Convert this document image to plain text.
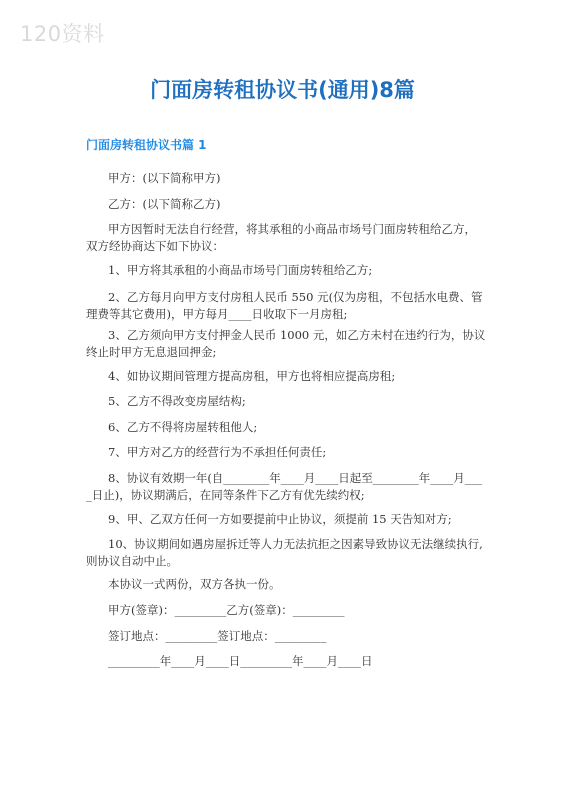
120资料
门面房转租协议书(通用)8篇
门面房转租协议书篇 1
甲方：(以下简称甲方)
乙方：(以下简称乙方)
甲方因暂时无法自行经营，将其承租的小商品市场号门面房转租给乙方，
双方经协商达下如下协议：
1、甲方将其承租的小商品市场号门面房转租给乙方;
2、乙方每月向甲方支付房租人民币 550 元(仅为房租，不包括水电费、管
理费等其它费用)，甲方每月____日收取下一月房租;
3、乙方须向甲方支付押金人民币 1000 元，如乙方未村在违约行为，协议
终止时甲方无息退回押金;
4、如协议期间管理方提高房租，甲方也将相应提高房租;
5、乙方不得改变房屋结构;
6、乙方不得将房屋转租他人;
7、甲方对乙方的经营行为不承担任何责任;
8、协议有效期一年(自________年____月____日起至________年____月___
_日止)，协议期满后，在同等条件下乙方有优先续约权;
9、甲、乙双方任何一方如要提前中止协议，须提前 15 天告知对方;
10、协议期间如遇房屋拆迁等人力无法抗拒之因素导致协议无法继续执行,
则协议自动中止。
本协议一式两份，双方各执一份。
甲方(签章)：_________乙方(签章)：_________
签订地点：_________签订地点：_________
_________年____月____日_________年____月____日
